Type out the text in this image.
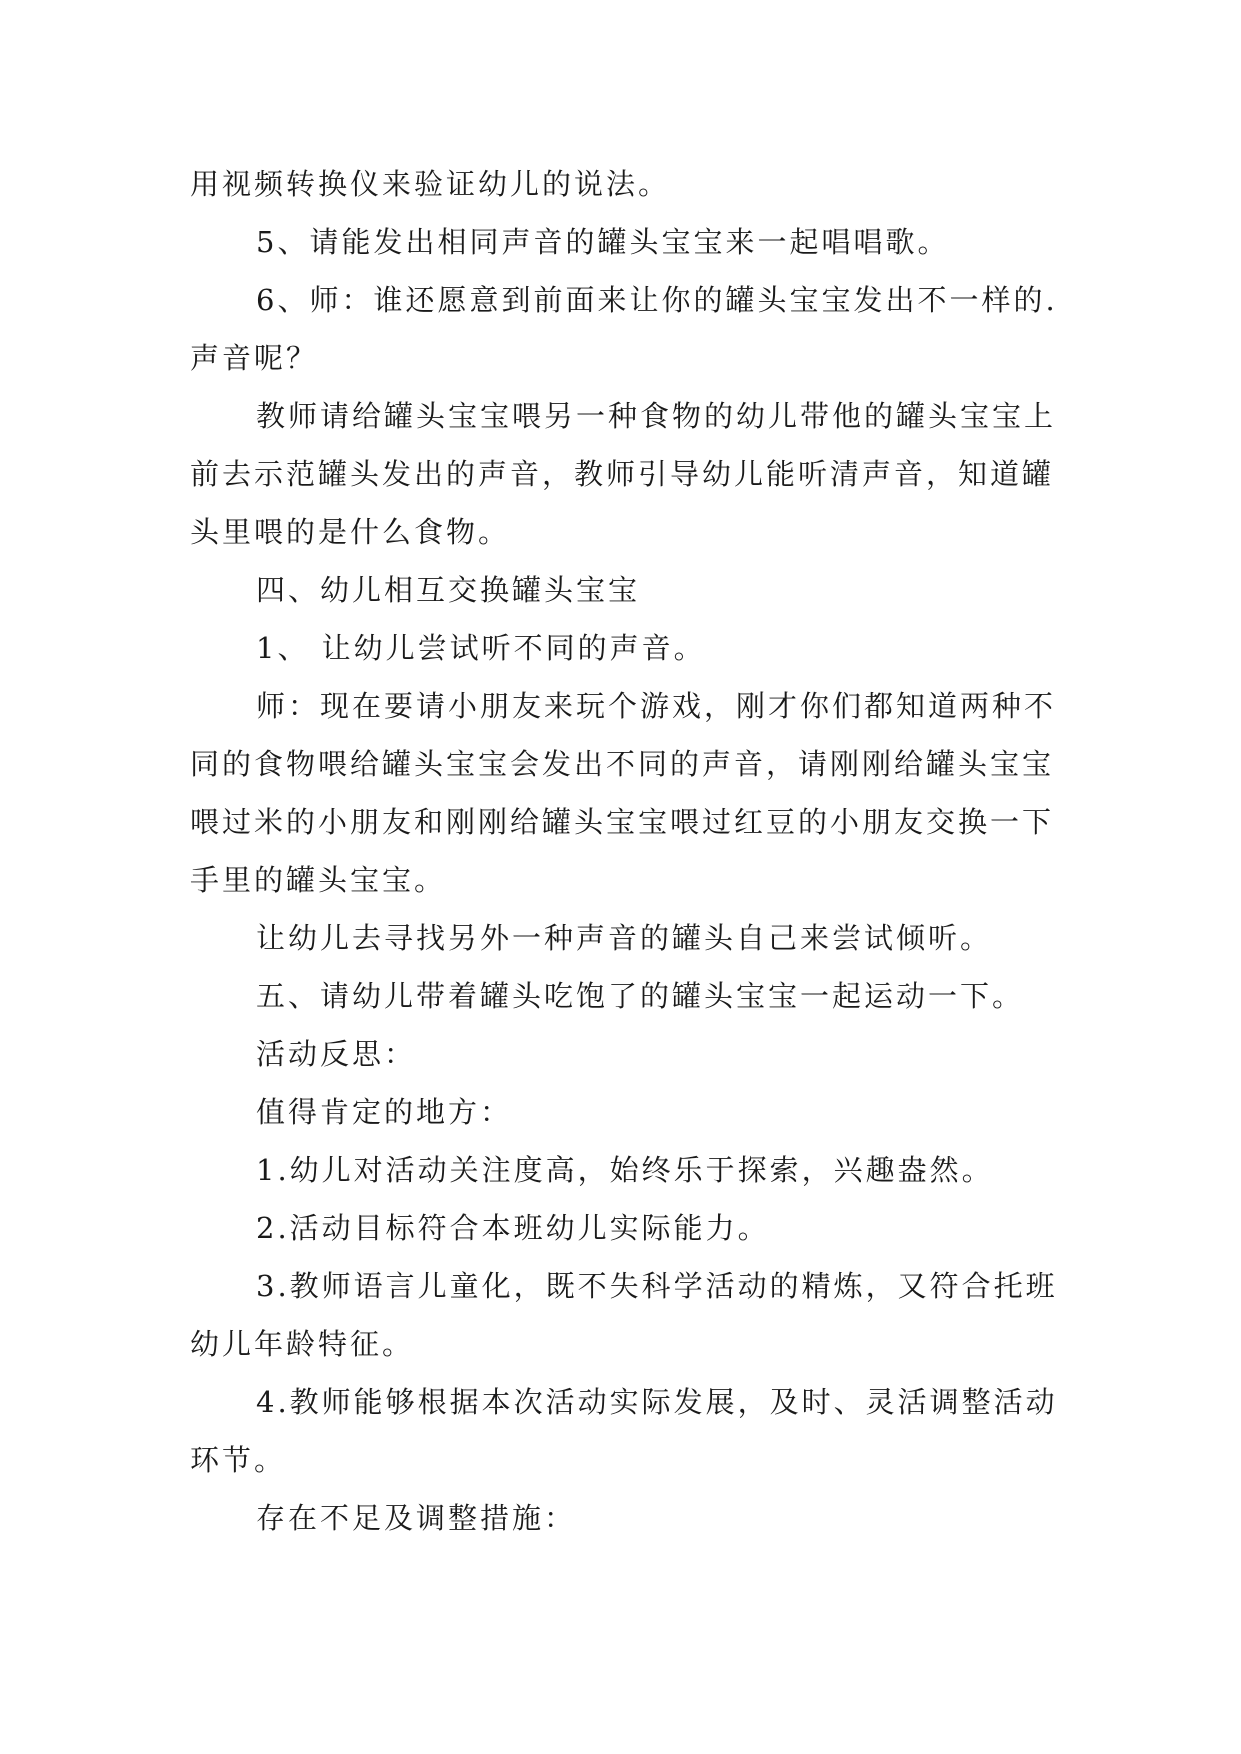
用视频转换仪来验证幼儿的说法。

5、请能发出相同声音的罐头宝宝来一起唱唱歌。

6、师：谁还愿意到前面来让你的罐头宝宝发出不一样的.声音呢？

教师请给罐头宝宝喂另一种食物的幼儿带他的罐头宝宝上前去示范罐头发出的声音，教师引导幼儿能听清声音，知道罐头里喂的是什么食物。

四、幼儿相互交换罐头宝宝

1、 让幼儿尝试听不同的声音。

师：现在要请小朋友来玩个游戏，刚才你们都知道两种不同的食物喂给罐头宝宝会发出不同的声音，请刚刚给罐头宝宝喂过米的小朋友和刚刚给罐头宝宝喂过红豆的小朋友交换一下手里的罐头宝宝。

让幼儿去寻找另外一种声音的罐头自己来尝试倾听。

五、请幼儿带着罐头吃饱了的罐头宝宝一起运动一下。

活动反思：

值得肯定的地方：

1.幼儿对活动关注度高，始终乐于探索，兴趣盎然。

2.活动目标符合本班幼儿实际能力。

3.教师语言儿童化，既不失科学活动的精炼，又符合托班幼儿年龄特征。

4.教师能够根据本次活动实际发展，及时、灵活调整活动环节。

存在不足及调整措施：
